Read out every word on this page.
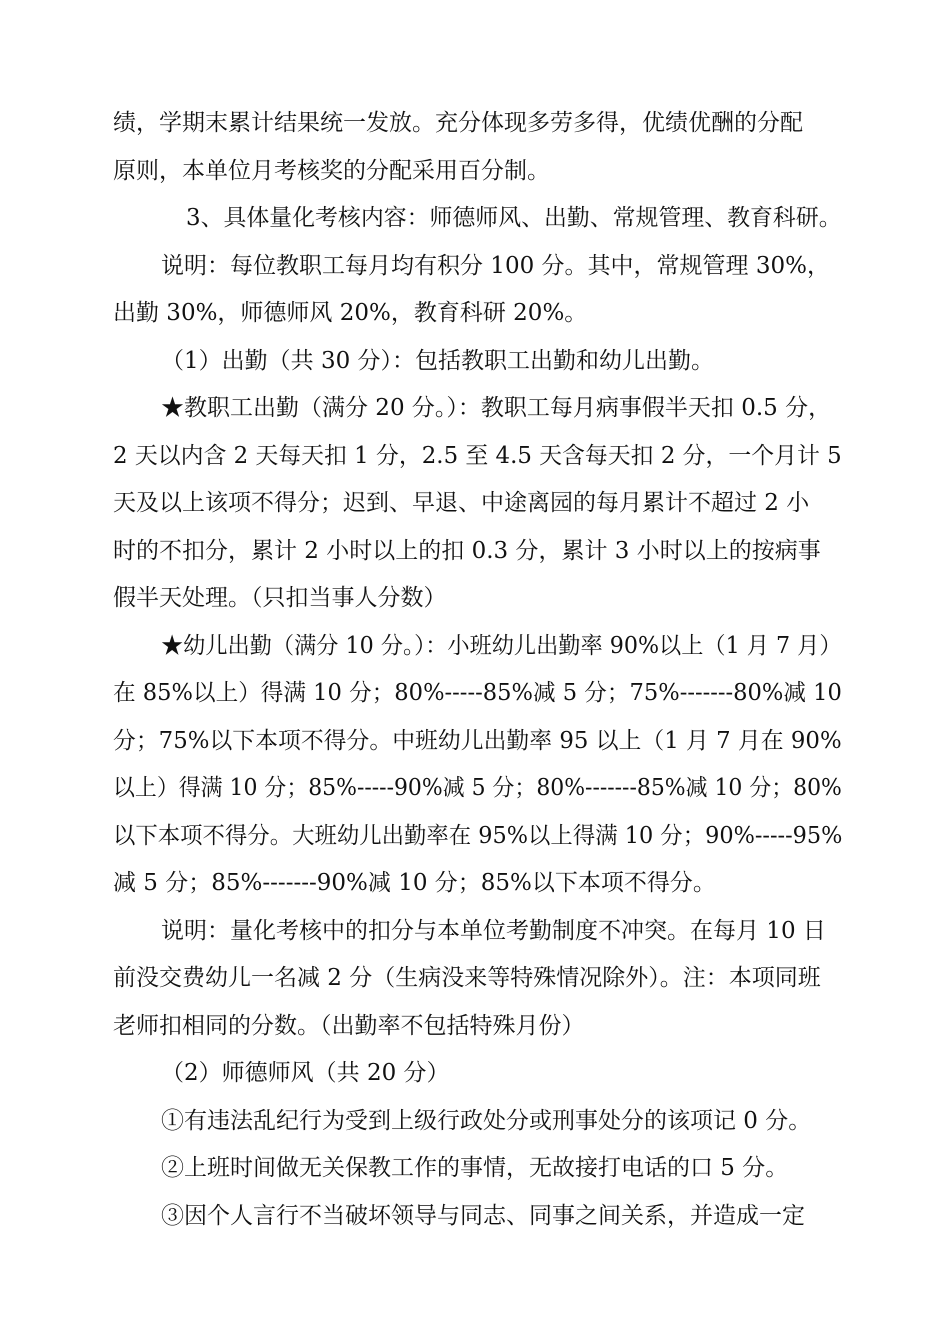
绩，学期末累计结果统一发放。充分体现多劳多得，优绩优酬的分配

原则，本单位月考核奖的分配采用百分制。

3、具体量化考核内容：师德师风、出勤、常规管理、教育科研。

说明：每位教职工每月均有积分 100 分。其中，常规管理 30%，

出勤 30%，师德师风 20%，教育科研 20%。

（1）出勤（共 30 分）：包括教职工出勤和幼儿出勤。

★教职工出勤（满分 20 分。）：教职工每月病事假半天扣 0.5 分，

2 天以内含 2 天每天扣 1 分，2.5 至 4.5 天含每天扣 2 分，一个月计 5

天及以上该项不得分；迟到、早退、中途离园的每月累计不超过 2 小

时的不扣分，累计 2 小时以上的扣 0.3 分，累计 3 小时以上的按病事

假半天处理。（只扣当事人分数）

★幼儿出勤（满分 10 分。）：小班幼儿出勤率 90%以上（1 月 7 月）

在 85%以上）得满 10 分；80%-----85%减 5 分；75%-------80%减 10

分；75%以下本项不得分。中班幼儿出勤率 95 以上（1 月 7 月在 90%

以上）得满 10 分；85%-----90%减 5 分；80%-------85%减 10 分；80%

以下本项不得分。大班幼儿出勤率在 95%以上得满 10 分；90%-----95%

减 5 分；85%-------90%减 10 分；85%以下本项不得分。

说明：量化考核中的扣分与本单位考勤制度不冲突。在每月 10 日

前没交费幼儿一名减 2 分（生病没来等特殊情况除外）。注：本项同班

老师扣相同的分数。（出勤率不包括特殊月份）

（2）师德师风（共 20 分）

①有违法乱纪行为受到上级行政处分或刑事处分的该项记 0 分。

②上班时间做无关保教工作的事情，无故接打电话的口 5 分。

③因个人言行不当破坏领导与同志、同事之间关系，并造成一定
